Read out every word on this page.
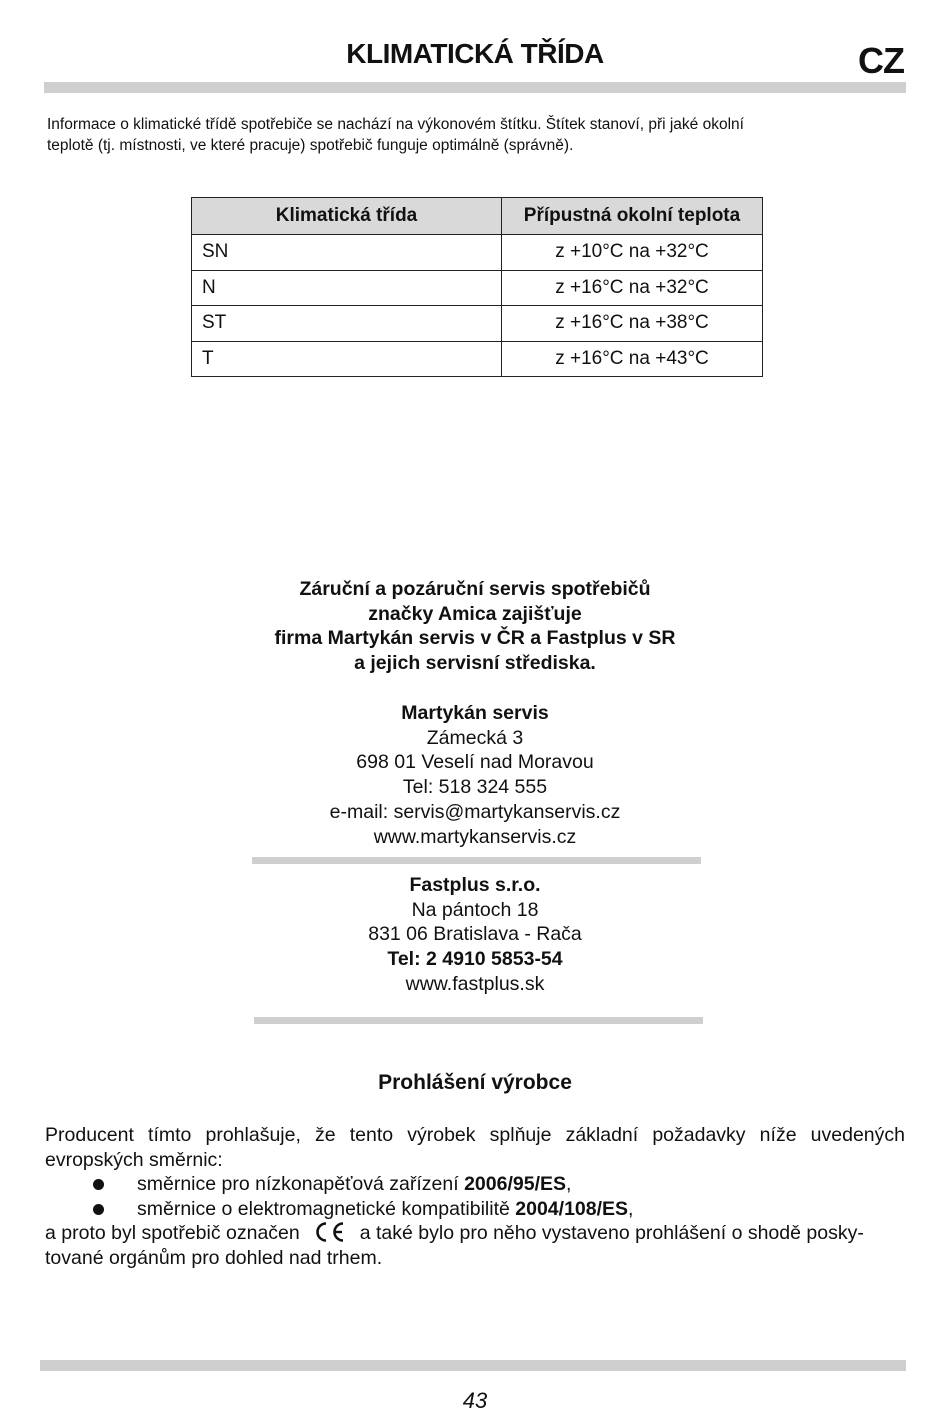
KLIMATICKÁ TŘÍDA	CZ
Informace o klimatické třídě spotřebiče se nachází na výkonovém štítku. Štítek stanoví, při jaké okolní
teplotě (tj. místnosti, ve které pracuje) spotřebič funguje optimálně (správně).
Klimatická třída	Přípustná okolní teplota
SN	z +10°C na +32°C
N	z +16°C na +32°C
ST	z +16°C na +38°C
T	z +16°C na +43°C
Záruční a pozáruční servis spotřebičů
značky Amica zajišťuje
firma Martykán servis v ČR a Fastplus v SR
a jejich servisní střediska.
Martykán servis
Zámecká 3
698 01 Veselí nad Moravou
Tel: 518 324 555
e-mail: servis@martykanservis.cz
www.martykanservis.cz
Fastplus s.r.o.
Na pántoch 18
831 06 Bratislava - Rača
Tel: 2 4910 5853-54
www.fastplus.sk
Prohlášení výrobce
Producent tímto prohlašuje, že tento výrobek splňuje základní požadavky níže uvedených evropských směrnic:
směrnice pro nízkonapěťová zařízení 2006/95/ES,
směrnice o elektromagnetické kompatibilitě 2004/108/ES,
a proto byl spotřebič označen	a také bylo pro něho vystaveno prohlášení o shodě posky-
tované orgánům pro dohled nad trhem.
43
